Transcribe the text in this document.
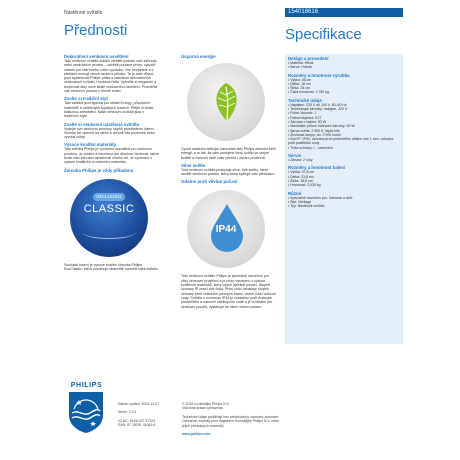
Nástěnné svítidlo	154018616
Přednosti	Specifikace
Dekorativní venkovní osvětlení
Tato venkovní svítidla dokáží zkrášlit podobu vaší zahrady nebo venkovních prostor – osvětlit poutavé prvky; vytvořit náladu pro vaši tvorbu nebo výzdobu. Vše bezpečně a s efektivní energií všech ozdob k přidání. To je také důvod proč společnost Philips přišla s nabídkou dekorativních venkovních svítidel. Hunkova řada. Vytvořte si elegantní a funkčnost díky nové škále venkovního osvětlení. Proměňte váš venkovní prostor v útulné místo.
Zvolte si tradiční styl
Tato svítidla jsou typická pro oblast Evropy, původních materiálů a oblíbených typických tvarech. Přejte si trvale klasickou atmosféru. Naše venkovní svítidla jsou v tradičním stylu.
Zvolte si venkovní nástěnná svítidla
Vydejte své venkovní prostory napříč prostředním lokem. Svítidla lze upevnit na stěnu a chránit váš pozemek nebo vyvolat vstup.
Vysoce kvalitní materiály
Tato svítidla Philips je vyrobeno speciálně pro venkovní prostory. Je odolné a navrženo pro dlouhou životnost, takže bude vaší zahradu okrášlovat mnoho let. Je vyrobeno z vysoce kvalitního a odolného materiálu.
Žárovka Philips je vždy přibalena
INCLUDED
CLASSIC
Součástí balení je vysoce kvalitní žárovka Philips EcoClassic, která umožňuje okamžitě rozsvítit vaše svítidlo.
Úsporná energie
Oproti ostatním běžným žárovkám tato Philips žárovka šetří energii, a to tak, že vám poskytne lepší světlo ve stejné kvalitě a zároveň šetří vaše peníze i životní prostředí.
Silné světlo
Toto venkovní svítidlo poskytuje silné, bílé světlo, které osvětlí venkovní prostor, který zcela splňuje vaši představu.
Odolné proti vlivům počasí
IP44
Toto venkovní svítidlo Philips je speciálně navrženo pro vlivy venkovní prostředí a je proto vyrobeno z vysoce kvalitních materiálů, který vydrží jakékoli počasí. Stupeň ochrany IP značí dvě čísla. První číslo označuje stupeň ochrany před vniknutím pevných částic, druhé číslo vniknutí vody. Svítidla s ochranou IP44 je chráněno proti drobným předmětům a zároveň vstřikujícím vodě a je to ideální pro venkovní použití, vystavuje se všem vlivem počasí.
Design a provedení
• Materiál: Hliník
• Barva: Hnědá
Rozměry a hmotnost výrobku
• Výška: 36 cm
• Délka: 18 cm
• Šířka: 25 cm
• Čistá hmotnost: 1,780 kg
Technické údaje
• Napájení: 220 V až 240 V, 50–60 Hz
• Technologie žárovky: halogen, 220 V
• Počet žárovek: 1
• Patice/objímka: E27
• Žárovka v balení: 53 W
• Maximální příkon náhradní žárovky: 60 W
• Barva světla: 2 800 K, teplá bílá
• Životnost lampy: do: 2 000 hodin
• Kód IP: IP44, ochrana proti předmětům větším než 1 mm, ochrana proti postřikům vody
• Třída ochrany: I - uzemnění
Servis
• Záruka: 2 roky
Rozměry a hmotnost balení
• Výška: 37,8 cm
• Délka: 23,8 cm
• Šířka: 18,8 cm
• Hmotnost: 2,030 kg
Různé
• Speciálně navrženo pro: Zahrada a dvůr
• Styl: Heritage
• Typ: Nástěnné svítidlo
PHILIPS
Datum vydání: 2015-11-07
Verze: 2.0.1
12 NC: 9155 027 37202
EAN: 87 18291 44063 6
© 2015 Koninklijke Philips N.V.
Všechna práva vyhrazena.
Technické údaje podléhají bez předchozího varování změnám. Ochranné známky jsou majetkem Koninklijke Philips N.V. nebo jejich příslušných vlastníků.
www.philips.com
